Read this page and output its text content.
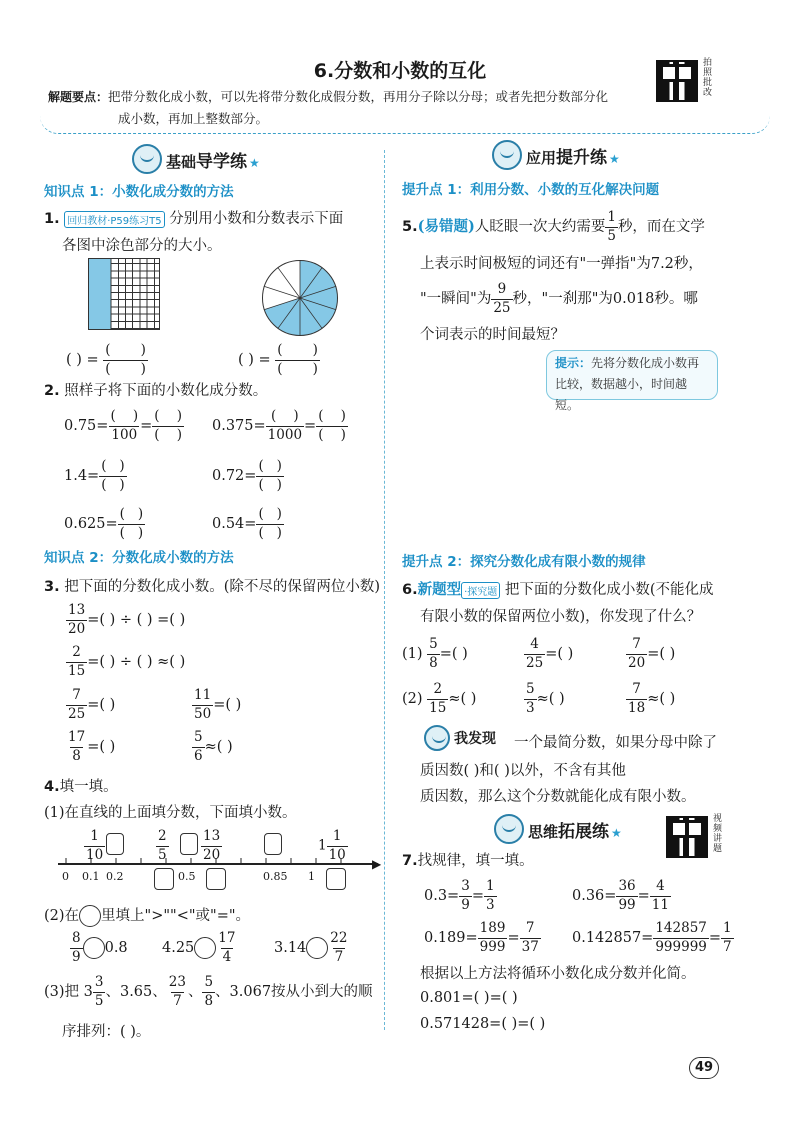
6.分数和小数的互化	拍照批改
解题要点：把带分数化成小数，可以先将带分数化成假分数，再用分子除以分母；或者先把分数部分化
成小数，再加上整数部分。
基础导学练 ★
知识点 1：小数化成分数的方法
1. 回归教材·P59练习T5 分别用小数和分数表示下面
各图中涂色部分的大小。
( ) = $\frac{( )}{( )}$	( ) = $\frac{( )}{( )}$
2. 照样子将下面的小数化成分数。
$0.75= \frac{( )}{100} = \frac{( )}{( )} 0.375= \frac{( )}{1000} = \frac{( )}{( )}$
$1.4= \frac{( )}{( )}$	$0.72= \frac{( )}{( )}$
$0.625= \frac{( )}{( )}$	$0.54= \frac{( )}{( )}$
知识点 2：分数化成小数的方法
3. 把下面的分数化成小数。(除不尽的保留两位小数)
$\frac{13}{20}$ =( ) ÷ ( ) =( )
$\frac{2}{15}$ =( ) ÷ ( ) ≈( )
$\frac{7}{25}$ =( )	$\frac{11}{50}$ =( )
$\frac{17}{8}$ =( )	$\frac{5}{6}$ ≈( )
4.填一填。
(1)在直线的上面填分数，下面填小数。
▶
$\frac{1}{10}$	$\frac{2}{5} \frac{13}{20}$	$1 \frac{1}{10}$
0 0.1 0.2	0.5	0.85 1
(2)在 里填上">""<"或"="。
$\frac{8}{9} 0.8$ $4.25 \frac{17}{4}$	$3.14 \frac{22}{7}$
(3)把 $3 \frac{3}{5}$ 、3.65、 $\frac{23}{7}$ 、 $\frac{5}{8}$ 、3.067按从小到大的顺
序排列：( )。
应用提升练 ★
提升点 1：利用分数、小数的互化解决问题
5.(易错题)人眨眼一次大约需要 $\frac{1}{5}$ 秒，而在文学
上表示时间极短的词还有"一弹指"为7.2秒，
"一瞬间"为 $\frac{9}{25}$ 秒，"一刹那"为0.018秒。哪
个词表示的时间最短？
提示：先将分数化成小数再
比较，数据越小，时间越短。
提升点 2：探究分数化成有限小数的规律
6.新题型 ·探究题 把下面的分数化成小数(不能化成
有限小数的保留两位小数)，你发现了什么？
$(1) \frac{5}{8}$ =( )	$\frac{4}{25}$ =( )	$\frac{7}{20}$ =( )
$(2) \frac{2}{15}$ ≈( )	$\frac{5}{3}$ ≈( )	$\frac{7}{18}$ ≈( )
我发现 一个最简分数，如果分母中除了
质因数( )和( )以外，不含有其他
质因数，那么这个分数就能化成有限小数。
思维拓展练 ★
视频讲题
7.找规律，填一填。
$0.3= \frac{3}{9} = \frac{1}{3}$	$0.36= \frac{36}{99} = \frac{4}{11}$
$0.189= \frac{189}{999} = \frac{7}{37} 0.142857= \frac{142857}{999999} = \frac{1}{7}$
根据以上方法将循环小数化成分数并化简。
0.801=( )=( )
0.571428=( )=( )
49
